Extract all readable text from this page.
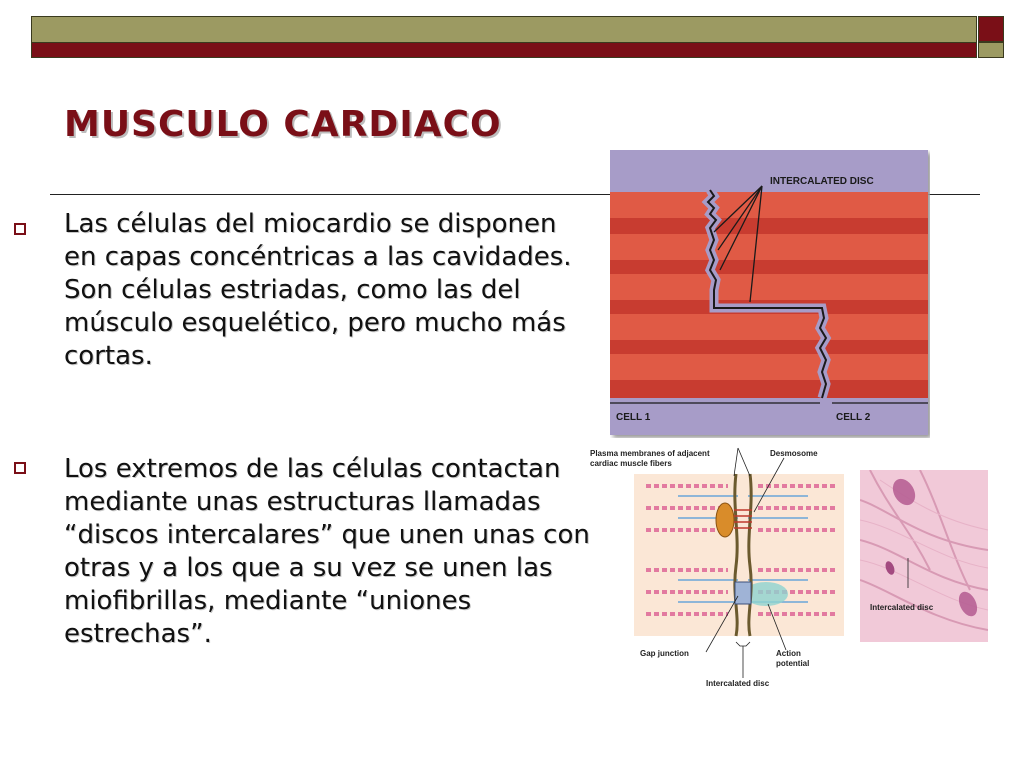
MUSCULO CARDIACO
Las células del miocardio se disponen en capas concéntricas a las cavidades. Son células estriadas, como las del músculo esquelético, pero mucho más cortas.
Los extremos de las células contactan mediante unas estructuras llamadas “discos intercalares” que unen unas con otras y a los que a su vez se unen las miofibrillas, mediante “uniones estrechas”.
INTERCALATED DISC
CELL 1	CELL 2
Plasma membranes of adjacent
cardiac muscle fibers
Desmosome
Gap junction	Action
potential
Intercalated disc
Intercalated disc
